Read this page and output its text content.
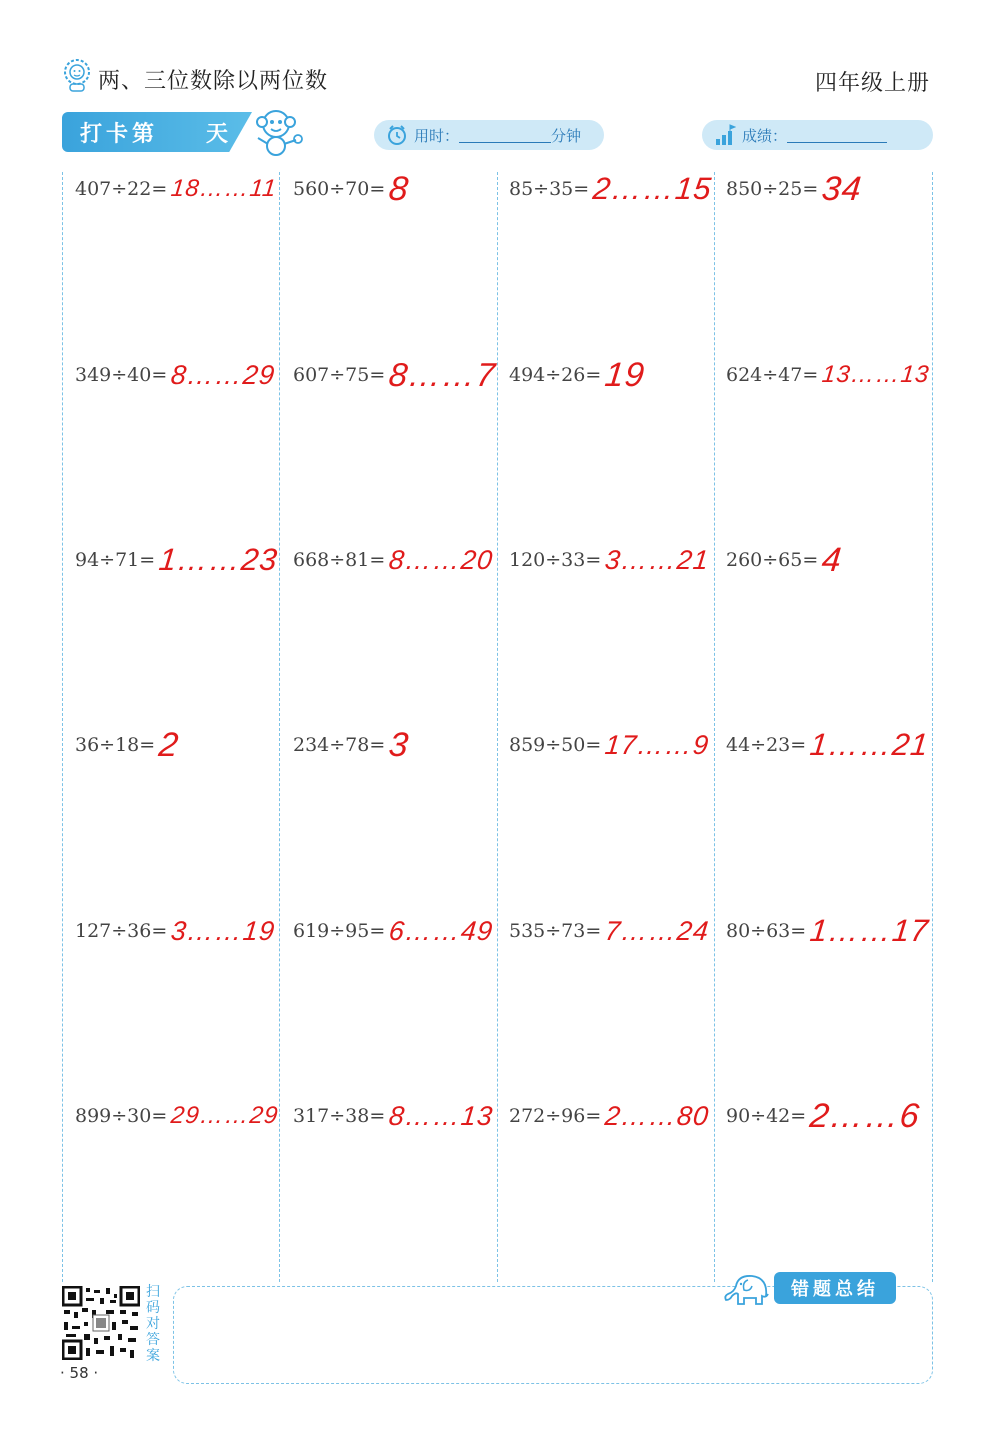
两、三位数除以两位数	四年级上册
打卡第 天	用时：	分钟	成绩：
407÷22= 18……11
349÷40= 8……29
94÷71= 1……23
36÷18= 2
127÷36= 3……19
899÷30= 29……29
560÷70= 8
607÷75= 8……7
668÷81= 8……20
234÷78= 3
619÷95= 6……49
317÷38= 8……13
85÷35= 2……15
494÷26= 19
120÷33= 3……21
859÷50= 17……9
535÷73= 7……24
272÷96= 2……80
850÷25= 34
624÷47= 13……13
260÷65= 4
44÷23= 1……21
80÷63= 1……17
90÷42= 2……6
扫码对答案
· 58 ·
错题总结
